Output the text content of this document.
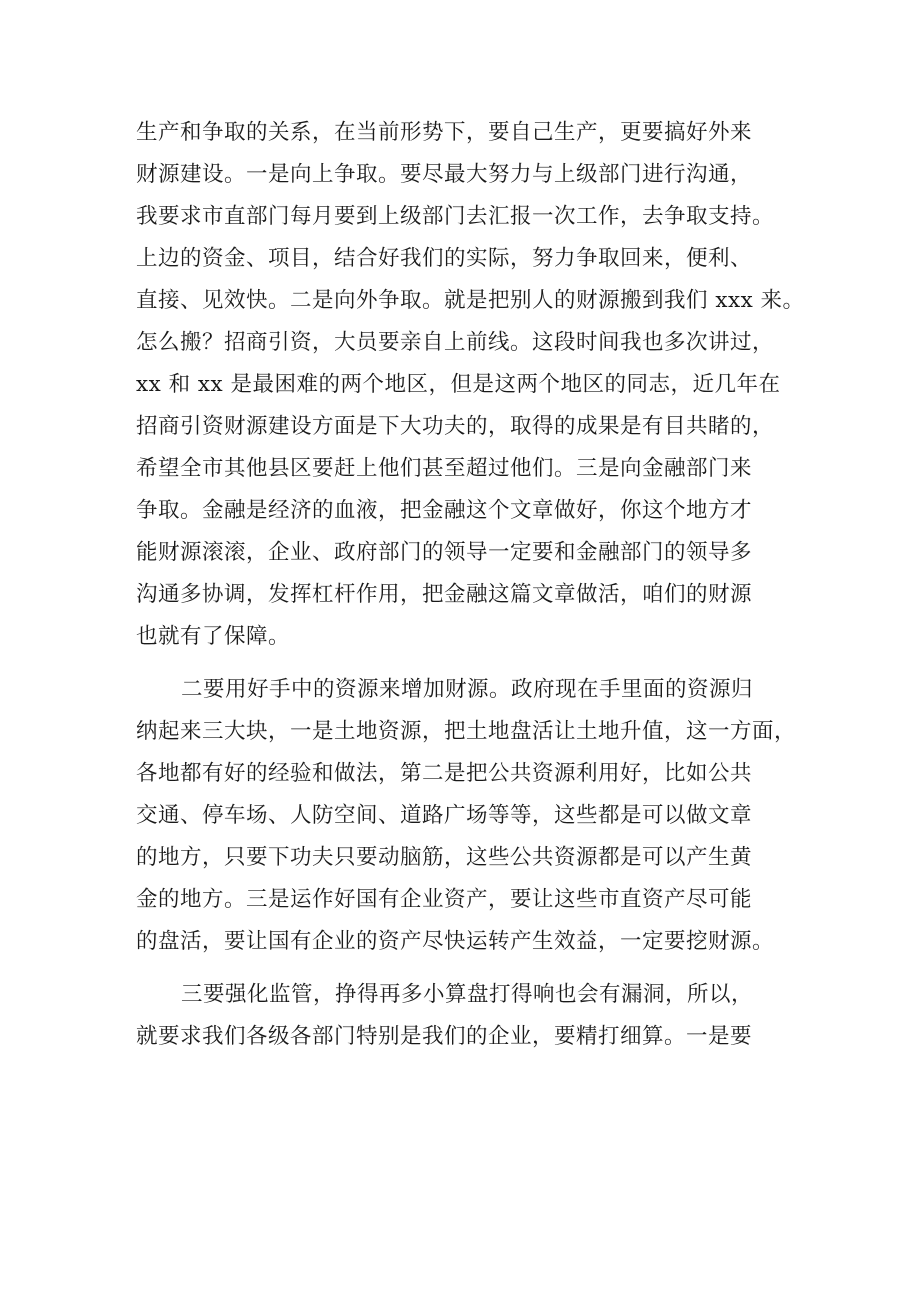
生产和争取的关系，在当前形势下，要自己生产，更要搞好外来
财源建设。一是向上争取。要尽最大努力与上级部门进行沟通，
我要求市直部门每月要到上级部门去汇报一次工作，去争取支持。
上边的资金、项目，结合好我们的实际，努力争取回来，便利、
直接、见效快。二是向外争取。就是把别人的财源搬到我们 xxx 来。
怎么搬？招商引资，大员要亲自上前线。这段时间我也多次讲过，
xx 和 xx 是最困难的两个地区，但是这两个地区的同志，近几年在
招商引资财源建设方面是下大功夫的，取得的成果是有目共睹的，
希望全市其他县区要赶上他们甚至超过他们。三是向金融部门来
争取。金融是经济的血液，把金融这个文章做好，你这个地方才
能财源滚滚，企业、政府部门的领导一定要和金融部门的领导多
沟通多协调，发挥杠杆作用，把金融这篇文章做活，咱们的财源
也就有了保障。
二要用好手中的资源来增加财源。政府现在手里面的资源归
纳起来三大块，一是土地资源，把土地盘活让土地升值，这一方面，
各地都有好的经验和做法，第二是把公共资源利用好，比如公共
交通、停车场、人防空间、道路广场等等，这些都是可以做文章
的地方，只要下功夫只要动脑筋，这些公共资源都是可以产生黄
金的地方。三是运作好国有企业资产，要让这些市直资产尽可能
的盘活，要让国有企业的资产尽快运转产生效益，一定要挖财源。
三要强化监管，挣得再多小算盘打得响也会有漏洞，所以，
就要求我们各级各部门特别是我们的企业，要精打细算。一是要
